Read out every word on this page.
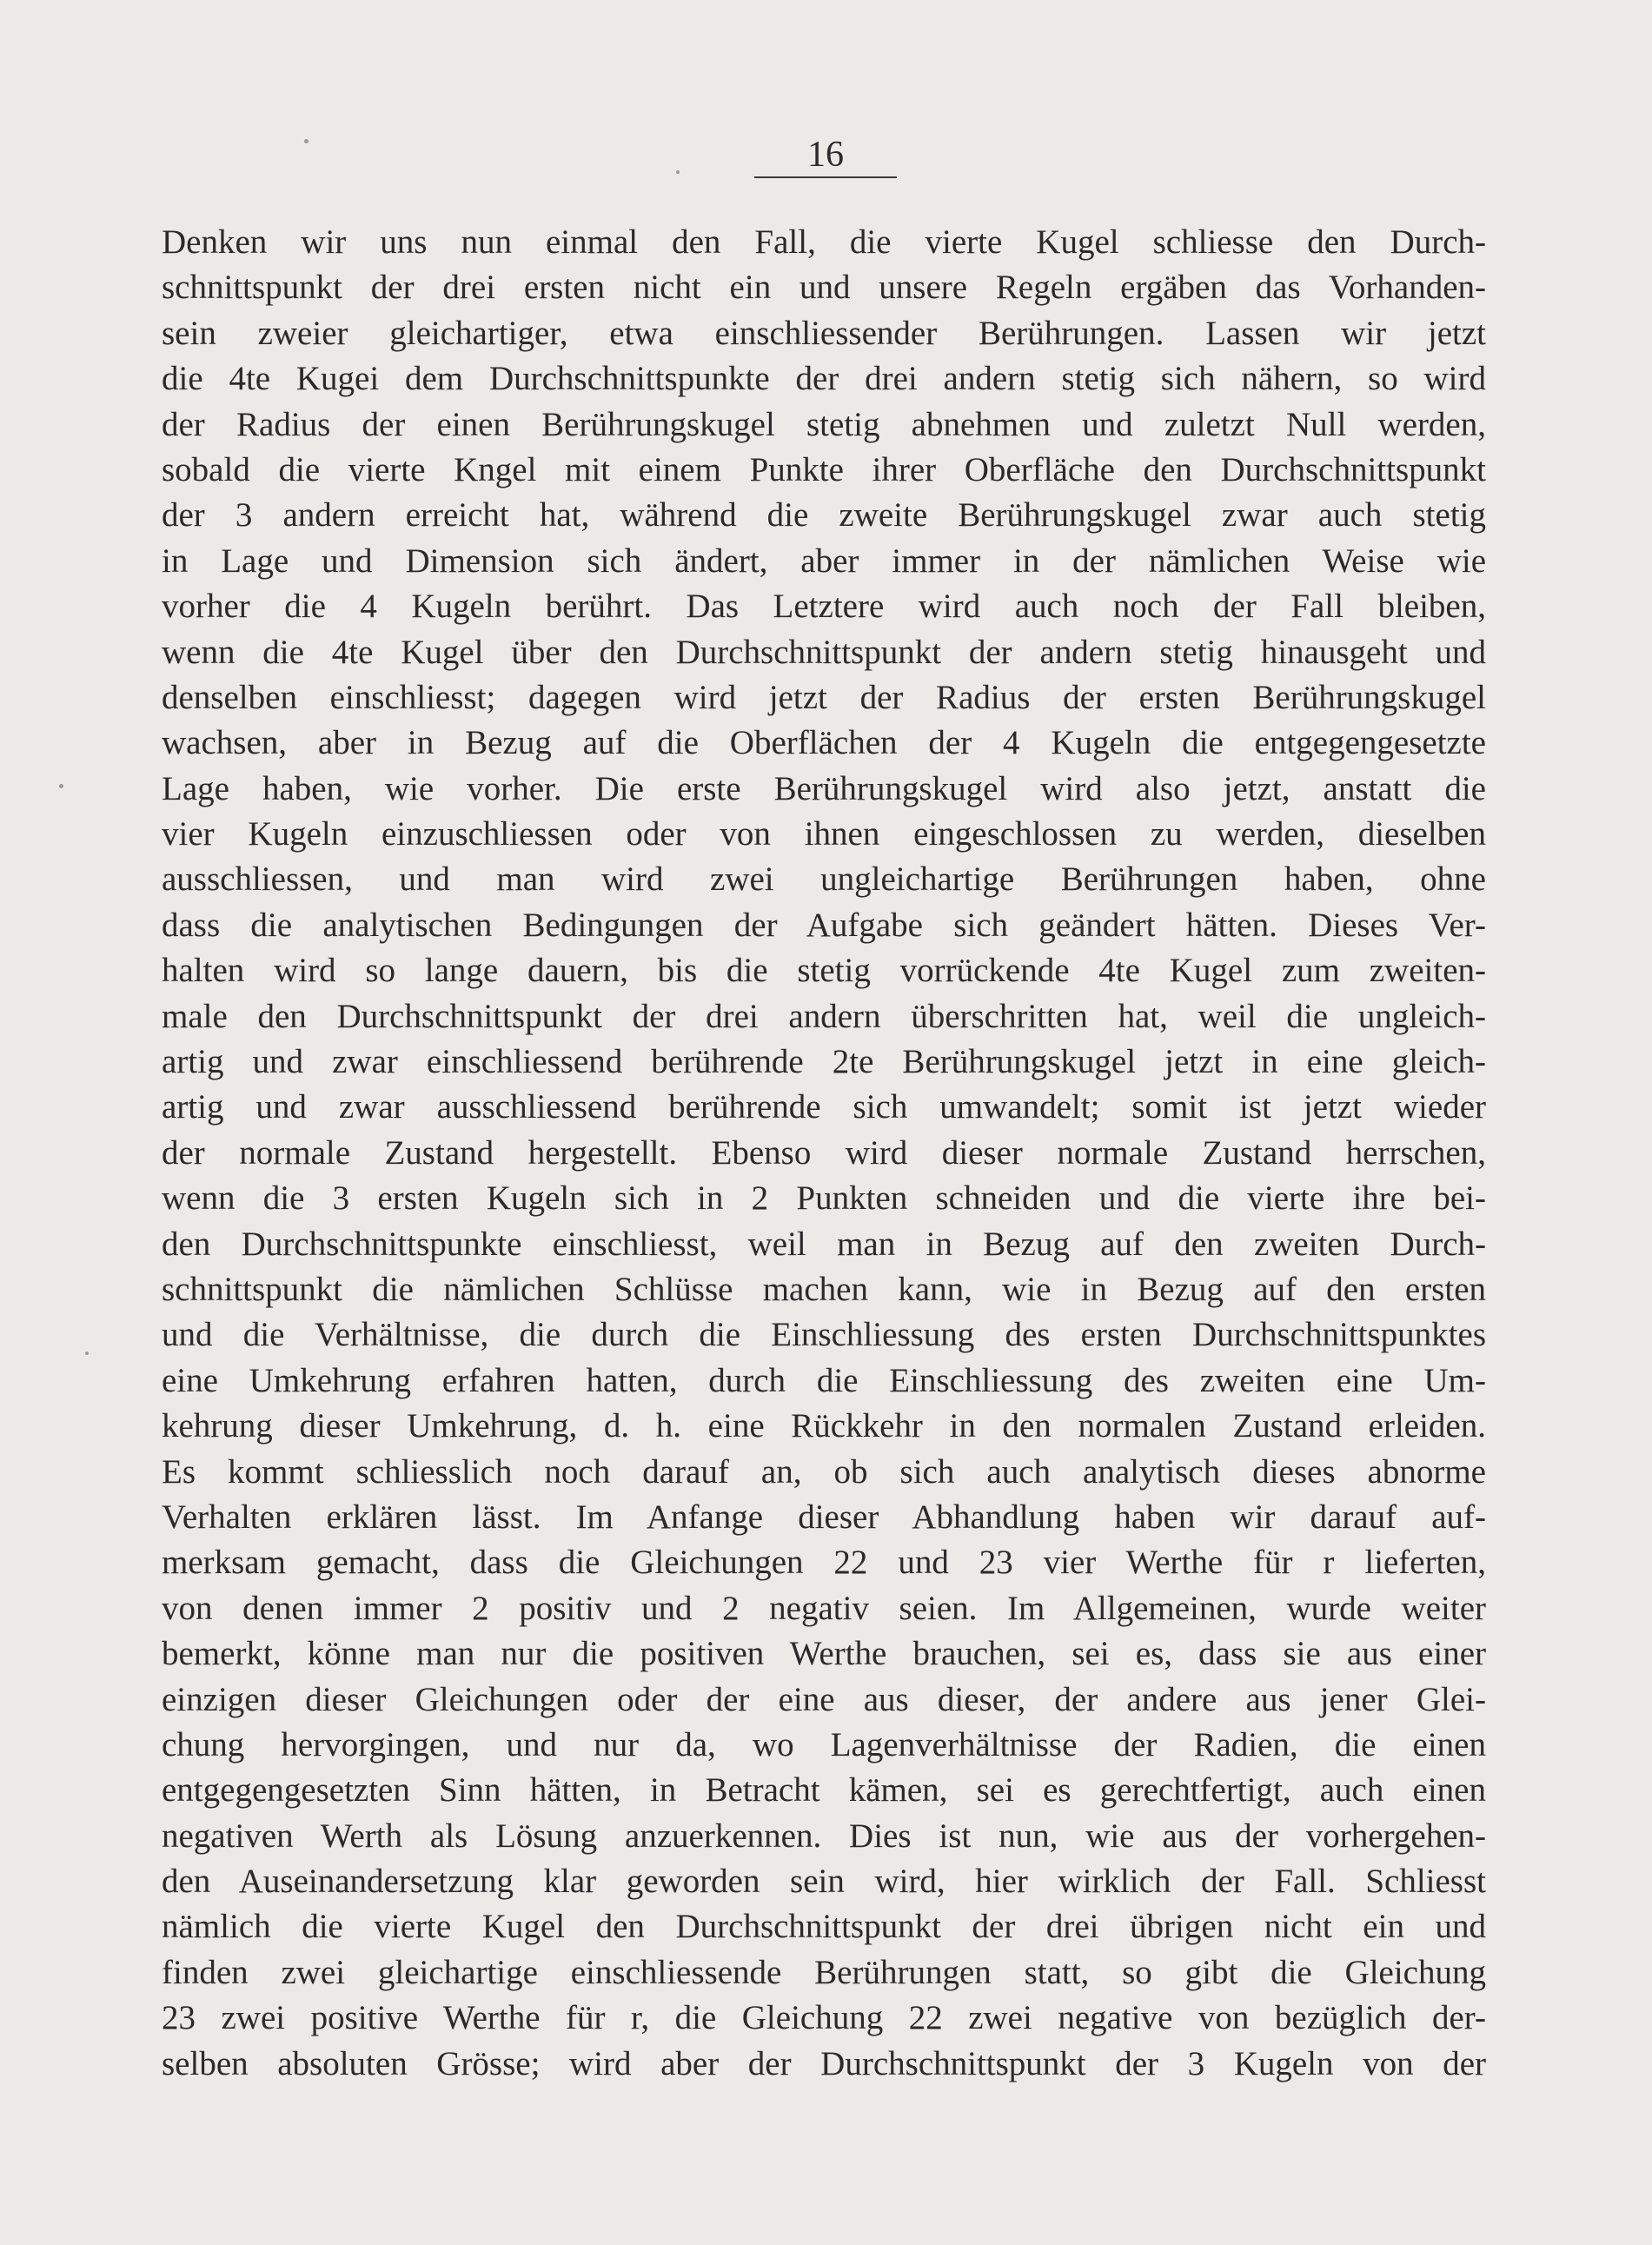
16
Denken wir uns nun einmal den Fall, die vierte Kugel schliesse den Durch-
schnittspunkt der drei ersten nicht ein und unsere Regeln ergäben das Vorhanden-
sein zweier gleichartiger, etwa einschliessender Berührungen. Lassen wir jetzt
die 4te Kugei dem Durchschnittspunkte der drei andern stetig sich nähern, so wird
der Radius der einen Berührungskugel stetig abnehmen und zuletzt Null werden,
sobald die vierte Kngel mit einem Punkte ihrer Oberfläche den Durchschnittspunkt
der 3 andern erreicht hat, während die zweite Berührungskugel zwar auch stetig
in Lage und Dimension sich ändert, aber immer in der nämlichen Weise wie
vorher die 4 Kugeln berührt. Das Letztere wird auch noch der Fall bleiben,
wenn die 4te Kugel über den Durchschnittspunkt der andern stetig hinausgeht und
denselben einschliesst; dagegen wird jetzt der Radius der ersten Berührungskugel
wachsen, aber in Bezug auf die Oberflächen der 4 Kugeln die entgegengesetzte
Lage haben, wie vorher. Die erste Berührungskugel wird also jetzt, anstatt die
vier Kugeln einzuschliessen oder von ihnen eingeschlossen zu werden, dieselben
ausschliessen, und man wird zwei ungleichartige Berührungen haben, ohne
dass die analytischen Bedingungen der Aufgabe sich geändert hätten. Dieses Ver-
halten wird so lange dauern, bis die stetig vorrückende 4te Kugel zum zweiten-
male den Durchschnittspunkt der drei andern überschritten hat, weil die ungleich-
artig und zwar einschliessend berührende 2te Berührungskugel jetzt in eine gleich-
artig und zwar ausschliessend berührende sich umwandelt; somit ist jetzt wieder
der normale Zustand hergestellt. Ebenso wird dieser normale Zustand herrschen,
wenn die 3 ersten Kugeln sich in 2 Punkten schneiden und die vierte ihre bei-
den Durchschnittspunkte einschliesst, weil man in Bezug auf den zweiten Durch-
schnittspunkt die nämlichen Schlüsse machen kann, wie in Bezug auf den ersten
und die Verhältnisse, die durch die Einschliessung des ersten Durchschnittspunktes
eine Umkehrung erfahren hatten, durch die Einschliessung des zweiten eine Um-
kehrung dieser Umkehrung, d. h. eine Rückkehr in den normalen Zustand erleiden.
Es kommt schliesslich noch darauf an, ob sich auch analytisch dieses abnorme
Verhalten erklären lässt. Im Anfange dieser Abhandlung haben wir darauf auf-
merksam gemacht, dass die Gleichungen 22 und 23 vier Werthe für r lieferten,
von denen immer 2 positiv und 2 negativ seien. Im Allgemeinen, wurde weiter
bemerkt, könne man nur die positiven Werthe brauchen, sei es, dass sie aus einer
einzigen dieser Gleichungen oder der eine aus dieser, der andere aus jener Glei-
chung hervorgingen, und nur da, wo Lagenverhältnisse der Radien, die einen
entgegengesetzten Sinn hätten, in Betracht kämen, sei es gerechtfertigt, auch einen
negativen Werth als Lösung anzuerkennen. Dies ist nun, wie aus der vorhergehen-
den Auseinandersetzung klar geworden sein wird, hier wirklich der Fall. Schliesst
nämlich die vierte Kugel den Durchschnittspunkt der drei übrigen nicht ein und
finden zwei gleichartige einschliessende Berührungen statt, so gibt die Gleichung
23 zwei positive Werthe für r, die Gleichung 22 zwei negative von bezüglich der-
selben absoluten Grösse; wird aber der Durchschnittspunkt der 3 Kugeln von der
